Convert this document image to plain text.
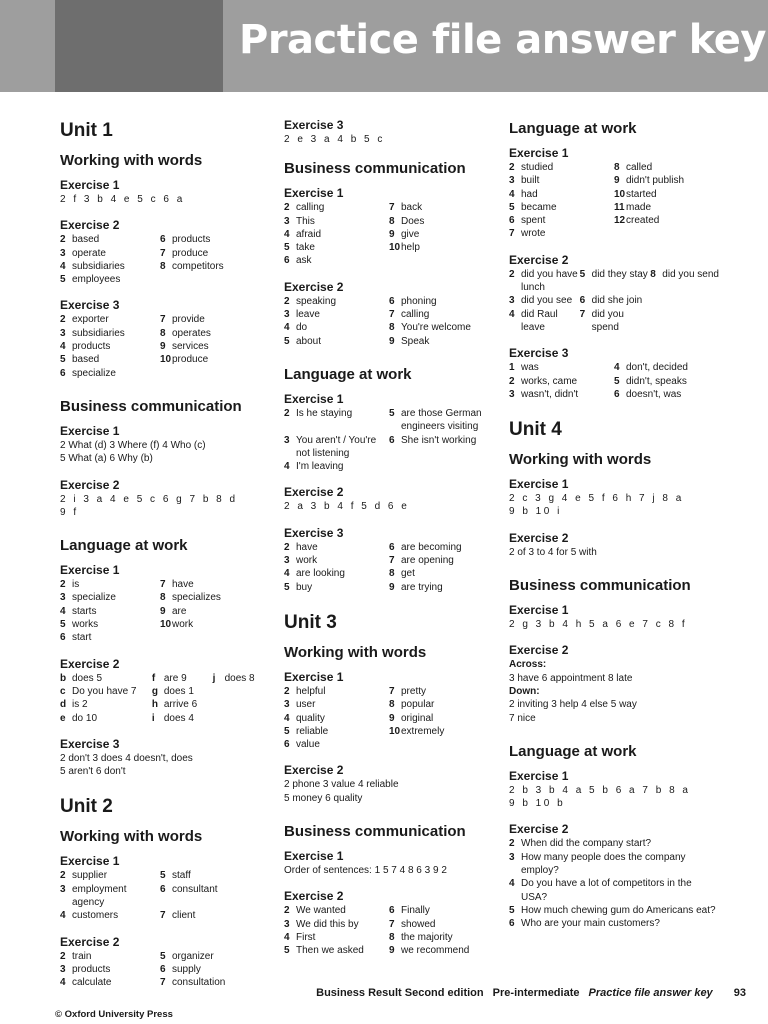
Practice file answer key
Unit 1
Working with words
Exercise 1
2 f 3 b 4 e 5 c 6 a
Exercise 2
2 based
3 operate
4 subsidiaries
5 employees
6 products
7 produce
8 competitors
Exercise 3
2 exporter
3 subsidiaries
4 products
5 based
6 specialize
7 provide
8 operates
9 services
10 produce
Business communication
Exercise 1
2 What (d) 3 Where (f) 4 Who (c)
5 What (a) 6 Why (b)
Exercise 2
2 i 3 a 4 e 5 c 6 g 7 b 8 d
9 f
Language at work
Exercise 1
2 is
3 specialize
4 starts
5 works
6 start
7 have
8 specializes
9 are
10 work
Exercise 2
b does 5
c Do you have 7
d is 2
e do 10
f are 9
g does 1
h arrive 6
i does 4
j does 8
Exercise 3
2 don't 3 does 4 doesn't, does
5 aren't 6 don't
Unit 2
Working with words
Exercise 1
2 supplier
3 employment agency
4 customers
5 staff
6 consultant
7 client
Exercise 2
2 train
3 products
4 calculate
5 organizer
6 supply
7 consultation
Exercise 3
2 e 3 a 4 b 5 c
Business communication
Exercise 1
2 calling
3 This
4 afraid
5 take
6 ask
7 back
8 Does
9 give
10 help
Exercise 2
2 speaking
3 leave
4 do
5 about
6 phoning
7 calling
8 You're welcome
9 Speak
Language at work
Exercise 1
2 Is he staying
3 You aren't / You're not listening
4 I'm leaving
5 are those German engineers visiting
6 She isn't working
Exercise 2
2 a 3 b 4 f 5 d 6 e
Exercise 3
2 have
3 work
4 are looking
5 buy
6 are becoming
7 are opening
8 get
9 are trying
Unit 3
Working with words
Exercise 1
2 helpful
3 user
4 quality
5 reliable
6 value
7 pretty
8 popular
9 original
10 extremely
Exercise 2
2 phone 3 value 4 reliable
5 money 6 quality
Business communication
Exercise 1
Order of sentences: 1 5 7 4 8 6 3 9 2
Exercise 2
2 We wanted
3 We did this by
4 First
5 Then we asked
6 Finally
7 showed
8 the majority
9 we recommend
Language at work
Exercise 1
2 studied
3 built
4 had
5 became
6 spent
7 wrote
8 called
9 didn't publish
10 started
11 made
12 created
Exercise 2
2 did you have lunch
3 did you see
4 did Raul leave
5 did they stay
6 did she join
7 did you spend
8 did you send
Exercise 3
1 was
2 works, came
3 wasn't, didn't
4 don't, decided
5 didn't, speaks
6 doesn't, was
Unit 4
Working with words
Exercise 1
2 c 3 g 4 e 5 f 6 h 7 j 8 a
9 b 10 i
Exercise 2
2 of 3 to 4 for 5 with
Business communication
Exercise 1
2 g 3 b 4 h 5 a 6 e 7 c 8 f
Exercise 2
Across:
3 have 6 appointment 8 late
Down:
2 inviting 3 help 4 else 5 way
7 nice
Language at work
Exercise 1
2 b 3 b 4 a 5 b 6 a 7 b 8 a
9 b 10 b
Exercise 2
2 When did the company start?
3 How many people does the company employ?
4 Do you have a lot of competitors in the USA?
5 How much chewing gum do Americans eat?
6 Who are your main customers?
Business Result Second edition Pre-intermediate Practice file answer key 93
© Oxford University Press
